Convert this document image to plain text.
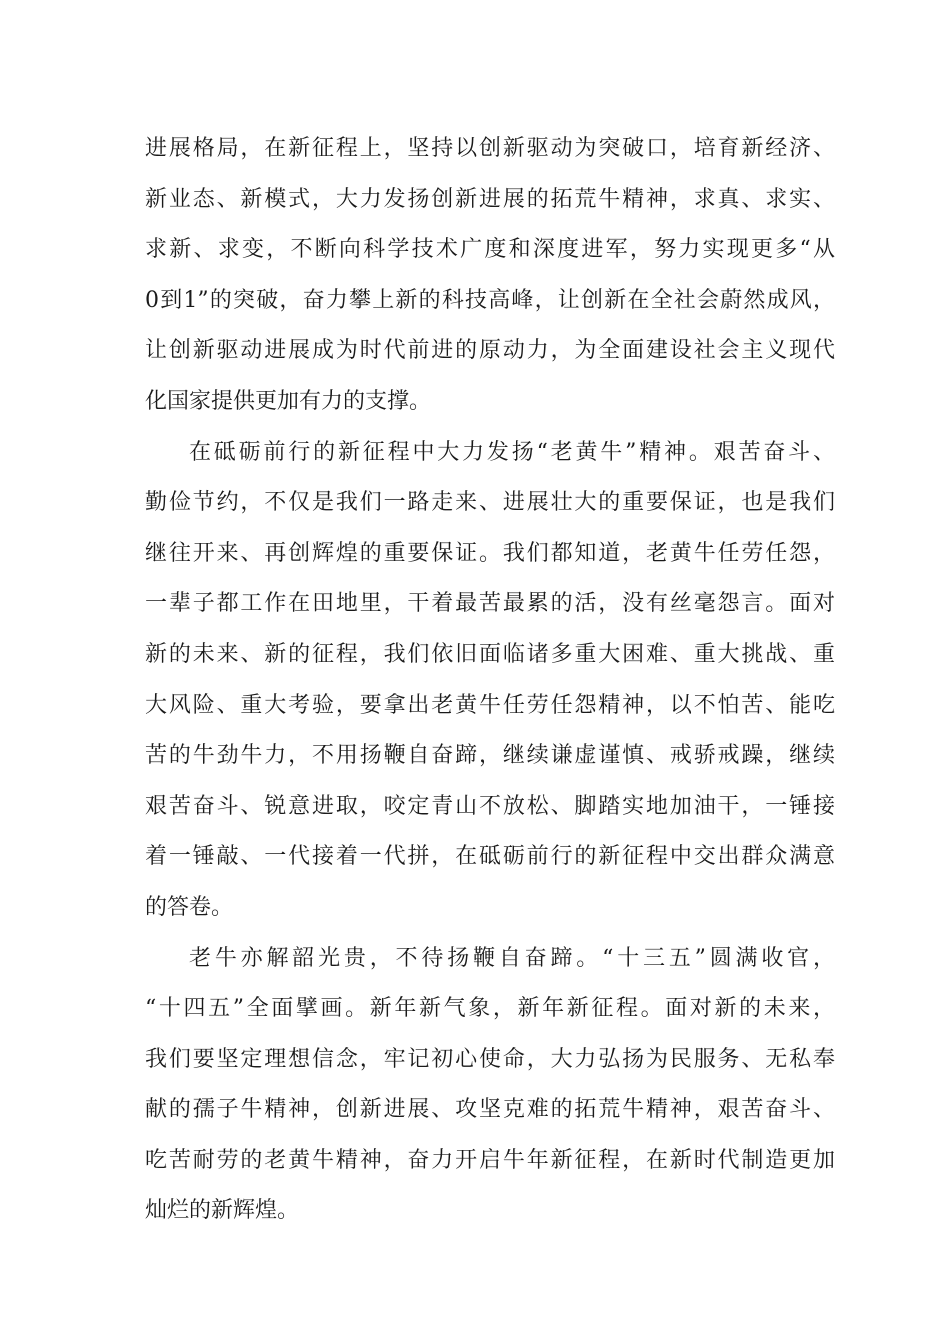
进展格局，在新征程上，坚持以创新驱动为突破口，培育新经济、
新业态、新模式，大力发扬创新进展的拓荒牛精神，求真、求实、
求新、求变，不断向科学技术广度和深度进军，努力实现更多“从
0到1”的突破，奋力攀上新的科技高峰，让创新在全社会蔚然成风，
让创新驱动进展成为时代前进的原动力，为全面建设社会主义现代
化国家提供更加有力的支撑。
在砥砺前行的新征程中大力发扬“老黄牛”精神。艰苦奋斗、
勤俭节约，不仅是我们一路走来、进展壮大的重要保证，也是我们
继往开来、再创辉煌的重要保证。我们都知道，老黄牛任劳任怨，
一辈子都工作在田地里，干着最苦最累的活，没有丝毫怨言。面对
新的未来、新的征程，我们依旧面临诸多重大困难、重大挑战、重
大风险、重大考验，要拿出老黄牛任劳任怨精神，以不怕苦、能吃
苦的牛劲牛力，不用扬鞭自奋蹄，继续谦虚谨慎、戒骄戒躁，继续
艰苦奋斗、锐意进取，咬定青山不放松、脚踏实地加油干，一锤接
着一锤敲、一代接着一代拼，在砥砺前行的新征程中交出群众满意
的答卷。
老牛亦解韶光贵，不待扬鞭自奋蹄。“十三五”圆满收官，
“十四五”全面擘画。新年新气象，新年新征程。面对新的未来，
我们要坚定理想信念，牢记初心使命，大力弘扬为民服务、无私奉
献的孺子牛精神，创新进展、攻坚克难的拓荒牛精神，艰苦奋斗、
吃苦耐劳的老黄牛精神，奋力开启牛年新征程，在新时代制造更加
灿烂的新辉煌。
